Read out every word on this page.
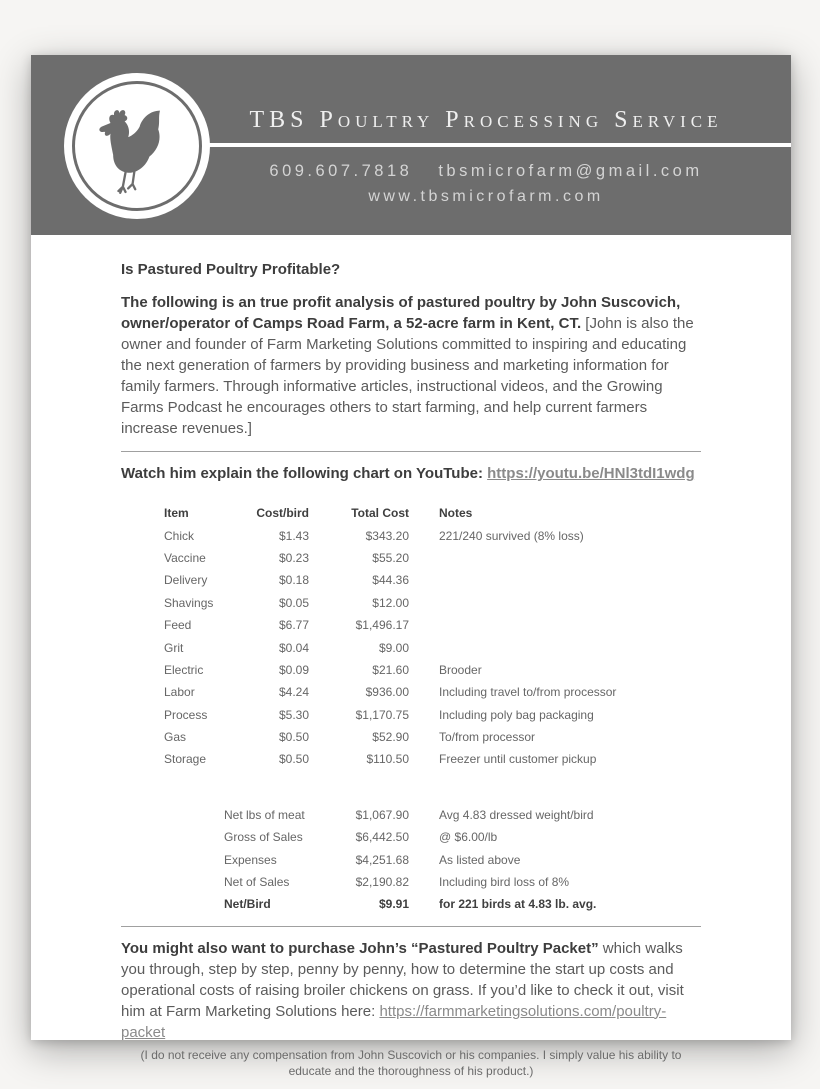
TBS Poultry Processing Service
609.607.7818 tbsmicrofarm@gmail.com
www.tbsmicrofarm.com

Is Pastured Poultry Profitable?

The following is an true profit analysis of pastured poultry by John Suscovich, owner/operator of Camps Road Farm, a 52-acre farm in Kent, CT. [John is also the owner and founder of Farm Marketing Solutions committed to inspiring and educating the next generation of farmers by providing business and marketing information for family farmers. Through informative articles, instructional videos, and the Growing Farms Podcast he encourages others to start farming, and help current farmers increase revenues.]

Watch him explain the following chart on YouTube: https://youtu.be/HNl3tdI1wdg

Item	Cost/bird	Total Cost		Notes
Chick	$1.43	$343.20		221/240 survived (8% loss)
Vaccine	$0.23	$55.20		
Delivery	$0.18	$44.36		
Shavings	$0.05	$12.00		
Feed	$6.77	$1,496.17		
Grit	$0.04	$9.00		
Electric	$0.09	$21.60		Brooder
Labor	$4.24	$936.00		Including travel to/from processor
Process	$5.30	$1,170.75		Including poly bag packaging
Gas	$0.50	$52.90		To/from processor
Storage	$0.50	$110.50		Freezer until customer pickup
Net lbs of meat	$1,067.90	Avg 4.83 dressed weight/bird
Gross of Sales	$6,442.50	@ $6.00/lb
Expenses	$4,251.68	As listed above
Net of Sales	$2,190.82	Including bird loss of 8%
Net/Bird	$9.91	for 221 birds at 4.83 lb. avg.

You might also want to purchase John’s “Pastured Poultry Packet” which walks you through, step by step, penny by penny, how to determine the start up costs and operational costs of raising broiler chickens on grass. If you’d like to check it out, visit him at Farm Marketing Solutions here: https://farmmarketingsolutions.com/poultry-packet

(I do not receive any compensation from John Suscovich or his companies. I simply value his ability to educate and the thoroughness of his product.)
